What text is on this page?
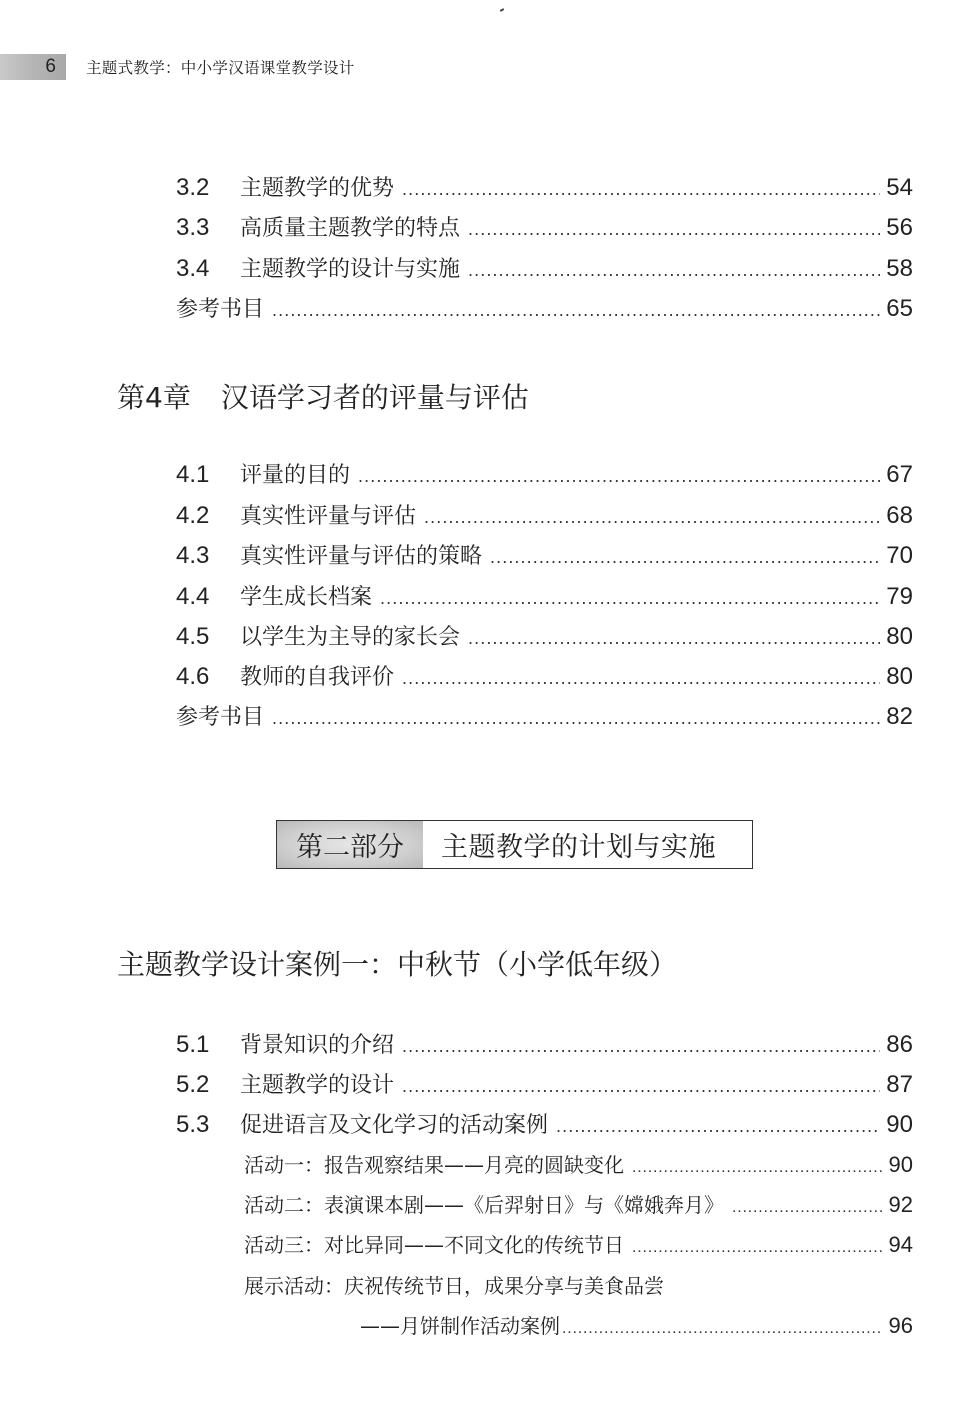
6 主题式教学：中小学汉语课堂教学设计
3.2	主题教学的优势 .....	54
3.3	高质量主题教学的特点 .....	56
3.4	主题教学的设计与实施 .....	58
参考书目 .....	65
第4章 汉语学习者的评量与评估
4.1	评量的目的 .....	67
4.2	真实性评量与评估 .....	68
4.3	真实性评量与评估的策略 .....	70
4.4	学生成长档案 .....	79
4.5	以学生为主导的家长会 .....	80
4.6	教师的自我评价 .....	80
参考书目 .....	82
第二部分	主题教学的计划与实施
主题教学设计案例一：中秋节（小学低年级）
5.1	背景知识的介绍 .....	86
5.2	主题教学的设计 .....	87
5.3	促进语言及文化学习的活动案例 .....	90
活动一：报告观察结果——月亮的圆缺变化 .....	90
活动二：表演课本剧——《后羿射日》与《嫦娥奔月》 .....	92
活动三：对比异同——不同文化的传统节日 .....	94
展示活动：庆祝传统节日，成果分享与美食品尝
——月饼制作活动案例 .....	96
